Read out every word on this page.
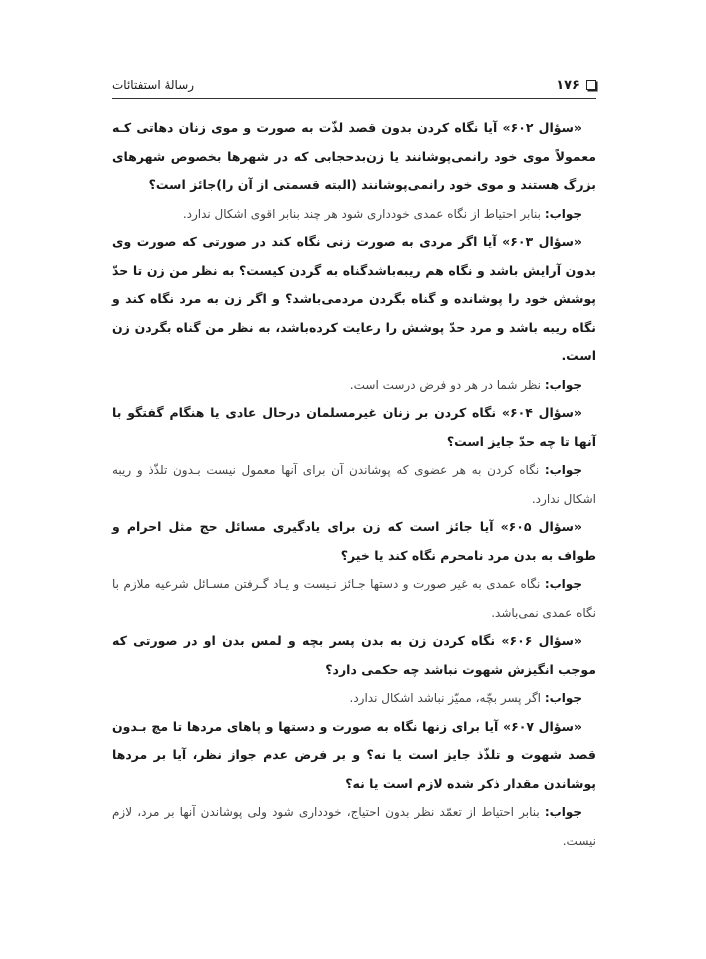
۱۷۶
رسالهٔ استفتائات

«سؤال ۶۰۲» آیا نگاه کردن بدون قصد لذّت به صورت و موی زنان دهاتی کـه معمولاً موی خود رانمی‌پوشانند یا زن‌بدحجابی که در شهرها بخصوص شهرهای بزرگ هستند و موی خود رانمی‌پوشانند (البته قسمتی از آن را)جائز است؟

جواب: بنابر احتیاط از نگاه عمدی خودداری شود هر چند بنابر اقوی اشکال ندارد.

«سؤال ۶۰۳» آیا اگر مردی به صورت زنی نگاه کند در صورتی که صورت وی بدون آرایش باشد و نگاه هم ریبه‌باشدگناه به گردن کیست؟ به نظر من زن تا حدّ پوشش خود را پوشانده و گناه بگردن مردمی‌باشد؟ و اگر زن به مرد نگاه کند و نگاه ریبه باشد و مرد حدّ پوشش را رعایت کرده‌باشد، به نظر من گناه بگردن زن است.

جواب: نظر شما در هر دو فرض درست است.

«سؤال ۶۰۴» نگاه کردن بر زنان غیرمسلمان درحال عادی یا هنگام گفتگو با آنها تا چه حدّ جایز است؟

جواب: نگاه کردن به هر عضوی که پوشاندن آن برای آنها معمول نیست بـدون تلذّذ و ریبه اشکال ندارد.

«سؤال ۶۰۵» آیا جائز است که زن برای یادگیری مسائل حج مثل احرام و طواف به بدن مرد نامحرم نگاه کند یا خیر؟

جواب: نگاه عمدی به غیر صورت و دستها جـائز نـیست و یـاد گـرفتن مسـائل شرعیه ملازم با نگاه عمدی نمی‌باشد.

«سؤال ۶۰۶» نگاه کردن زن به بدن پسر بچه و لمس بدن او در صورتی که موجب انگیزش شهوت نباشد چه حکمی دارد؟

جواب: اگر پسر بچّه، ممیّز نباشد اشکال ندارد.

«سؤال ۶۰۷» آیا برای زنها نگاه به صورت و دستها و پاهای مردها تا مچ بـدون قصد شهوت و تلذّذ جایز است یا نه؟ و بر فرض عدم جواز نظر، آیا بر مردها پوشاندن مقدار ذکر شده لازم است یا نه؟

جواب: بنابر احتیاط از تعمّد نظر بدون احتیاج، خودداری شود ولی پوشاندن آنها بر مرد، لازم نیست.
